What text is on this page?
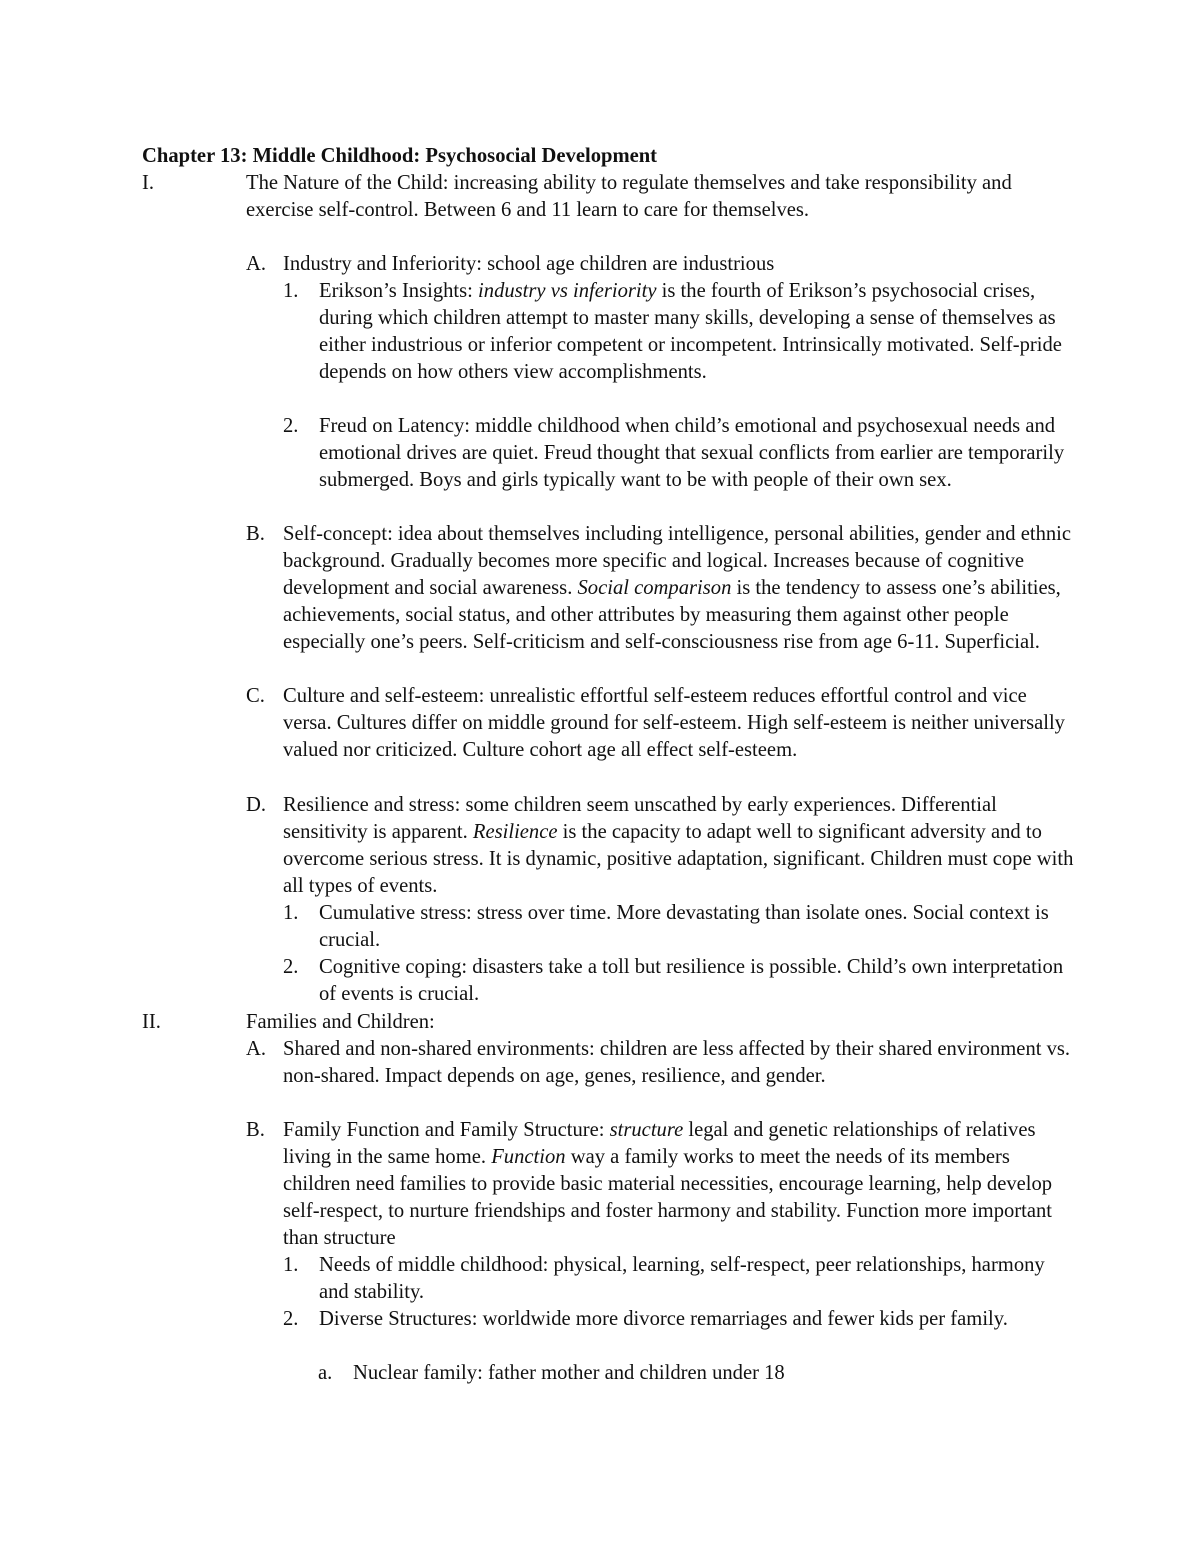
Chapter 13: Middle Childhood: Psychosocial Development
I.	The Nature of the Child: increasing ability to regulate themselves and take responsibility and exercise self-control. Between 6 and 11 learn to care for themselves.
A. Industry and Inferiority: school age children are industrious
1. Erikson’s Insights: industry vs inferiority is the fourth of Erikson’s psychosocial crises, during which children attempt to master many skills, developing a sense of themselves as either industrious or inferior competent or incompetent. Intrinsically motivated. Self-pride depends on how others view accomplishments.
2. Freud on Latency: middle childhood when child’s emotional and psychosexual needs and emotional drives are quiet. Freud thought that sexual conflicts from earlier are temporarily submerged. Boys and girls typically want to be with people of their own sex.
B. Self-concept: idea about themselves including intelligence, personal abilities, gender and ethnic background. Gradually becomes more specific and logical. Increases because of cognitive development and social awareness. Social comparison is the tendency to assess one’s abilities, achievements, social status, and other attributes by measuring them against other people especially one’s peers. Self-criticism and self-consciousness rise from age 6-11. Superficial.
C. Culture and self-esteem: unrealistic effortful self-esteem reduces effortful control and vice versa. Cultures differ on middle ground for self-esteem. High self-esteem is neither universally valued nor criticized. Culture cohort age all effect self-esteem.
D. Resilience and stress: some children seem unscathed by early experiences. Differential sensitivity is apparent. Resilience is the capacity to adapt well to significant adversity and to overcome serious stress. It is dynamic, positive adaptation, significant. Children must cope with all types of events.
1. Cumulative stress: stress over time. More devastating than isolate ones. Social context is crucial.
2. Cognitive coping: disasters take a toll but resilience is possible. Child’s own interpretation of events is crucial.
II.	Families and Children:
A. Shared and non-shared environments: children are less affected by their shared environment vs. non-shared. Impact depends on age, genes, resilience, and gender.
B. Family Function and Family Structure: structure legal and genetic relationships of relatives living in the same home. Function way a family works to meet the needs of its members children need families to provide basic material necessities, encourage learning, help develop self-respect, to nurture friendships and foster harmony and stability. Function more important than structure
1. Needs of middle childhood: physical, learning, self-respect, peer relationships, harmony and stability.
2. Diverse Structures: worldwide more divorce remarriages and fewer kids per family.
a. Nuclear family: father mother and children under 18
